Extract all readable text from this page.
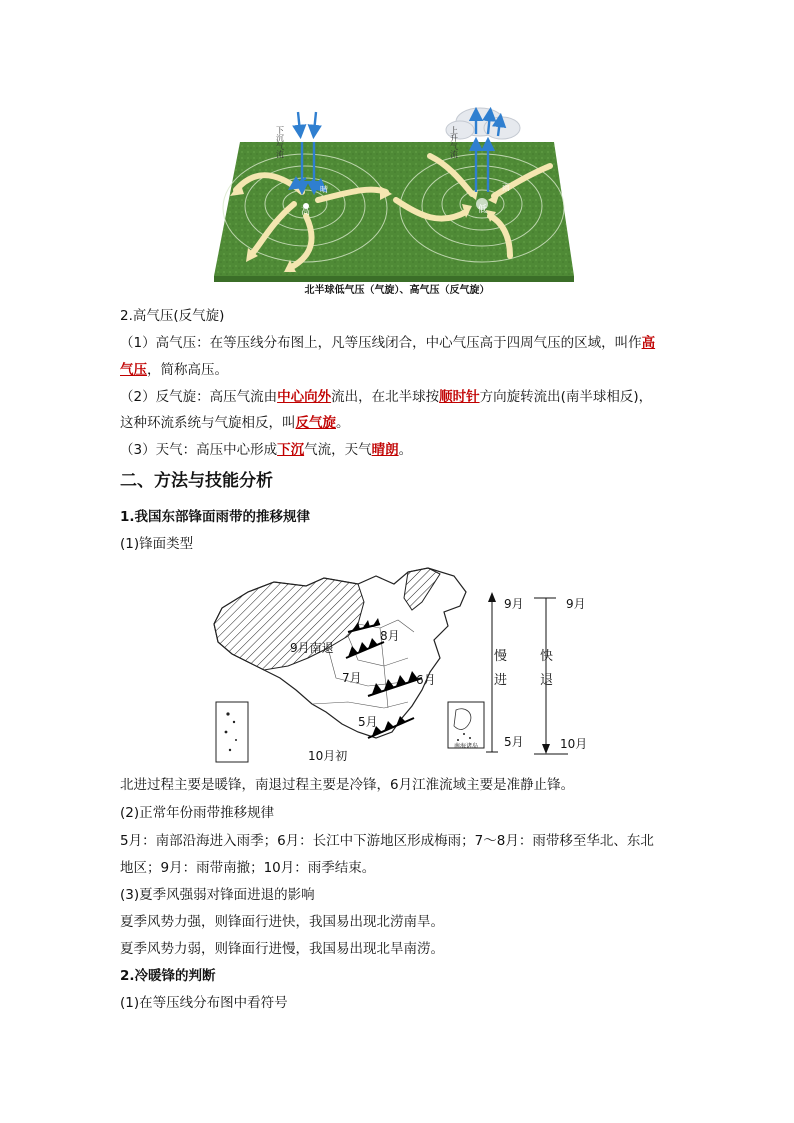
下沉气流	上升气流
晴	雨
高	低
北半球低气压（气旋）、高气压（反气旋）
2.高气压(反气旋)
（1）高气压：在等压线分布图上，凡等压线闭合，中心气压高于四周气压的区域，叫作高
气压，简称高压。
（2）反气旋：高压气流由中心向外流出，在北半球按顺时针方向旋转流出(南半球相反)，
这种环流系统与气旋相反，叫反气旋。
（3）天气：高压中心形成下沉气流，天气晴朗。
二、方法与技能分析
1.我国东部锋面雨带的推移规律
(1)锋面类型
9月南退
8月
7月	6月
5月
10月初
南海诸岛
9月
慢
进
5月
9月
快
退
10月
北进过程主要是暖锋，南退过程主要是冷锋，6月江淮流域主要是准静止锋。
(2)正常年份雨带推移规律
5月：南部沿海进入雨季；6月：长江中下游地区形成梅雨；7～8月：雨带移至华北、东北
地区；9月：雨带南撤；10月：雨季结束。
(3)夏季风强弱对锋面进退的影响
夏季风势力强，则锋面行进快，我国易出现北涝南旱。
夏季风势力弱，则锋面行进慢，我国易出现北旱南涝。
2.冷暖锋的判断
(1)在等压线分布图中看符号
